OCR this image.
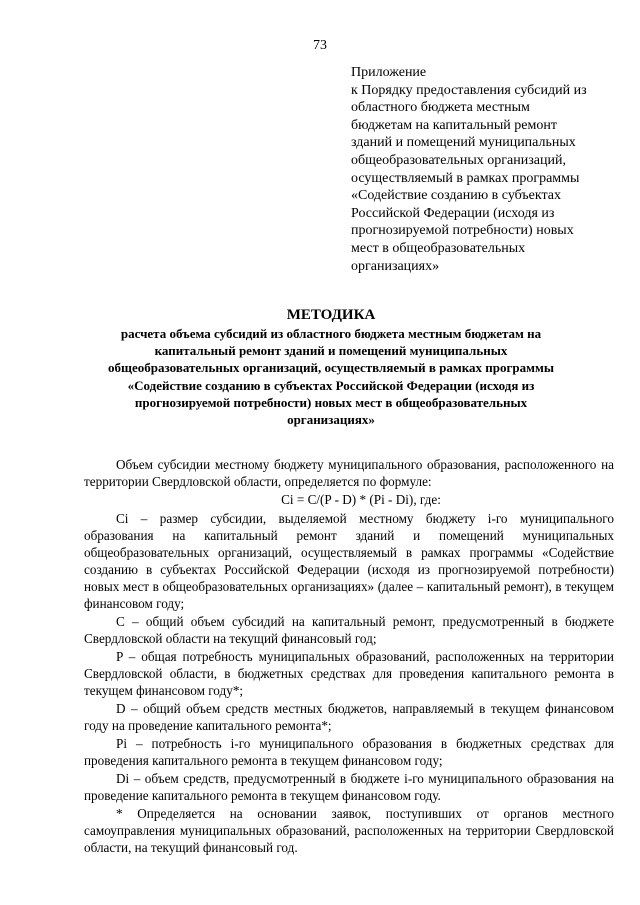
73
Приложение
к Порядку предоставления субсидий из
областного бюджета местным
бюджетам на капитальный ремонт
зданий и помещений муниципальных
общеобразовательных организаций,
осуществляемый в рамках программы
«Содействие созданию в субъектах
Российской Федерации (исходя из
прогнозируемой потребности) новых
мест в общеобразовательных
организациях»
МЕТОДИКА
расчета объема субсидий из областного бюджета местным бюджетам на
капитальный ремонт зданий и помещений муниципальных
общеобразовательных организаций, осуществляемый в рамках программы
«Содействие созданию в субъектах Российской Федерации (исходя из
прогнозируемой потребности) новых мест в общеобразовательных
организациях»

Объем субсидии местному бюджету муниципального образования, расположенного на территории Свердловской области, определяется по формуле:

Ci = C/(P - D) * (Pi - Di), где:

Ci – размер субсидии, выделяемой местному бюджету i-го муниципального образования на капитальный ремонт зданий и помещений муниципальных общеобразовательных организаций, осуществляемый в рамках программы «Содействие созданию в субъектах Российской Федерации (исходя из прогнозируемой потребности) новых мест в общеобразовательных организациях» (далее – капитальный ремонт), в текущем финансовом году;

C – общий объем субсидий на капитальный ремонт, предусмотренный в бюджете Свердловской области на текущий финансовый год;

P – общая потребность муниципальных образований, расположенных на территории Свердловской области, в бюджетных средствах для проведения капитального ремонта в текущем финансовом году*;

D – общий объем средств местных бюджетов, направляемый в текущем финансовом году на проведение капитального ремонта*;

Pi – потребность i-го муниципального образования в бюджетных средствах для проведения капитального ремонта в текущем финансовом году;

Di – объем средств, предусмотренный в бюджете i-го муниципального образования на проведение капитального ремонта в текущем финансовом году.

* Определяется на основании заявок, поступивших от органов местного самоуправления муниципальных образований, расположенных на территории Свердловской области, на текущий финансовый год.
